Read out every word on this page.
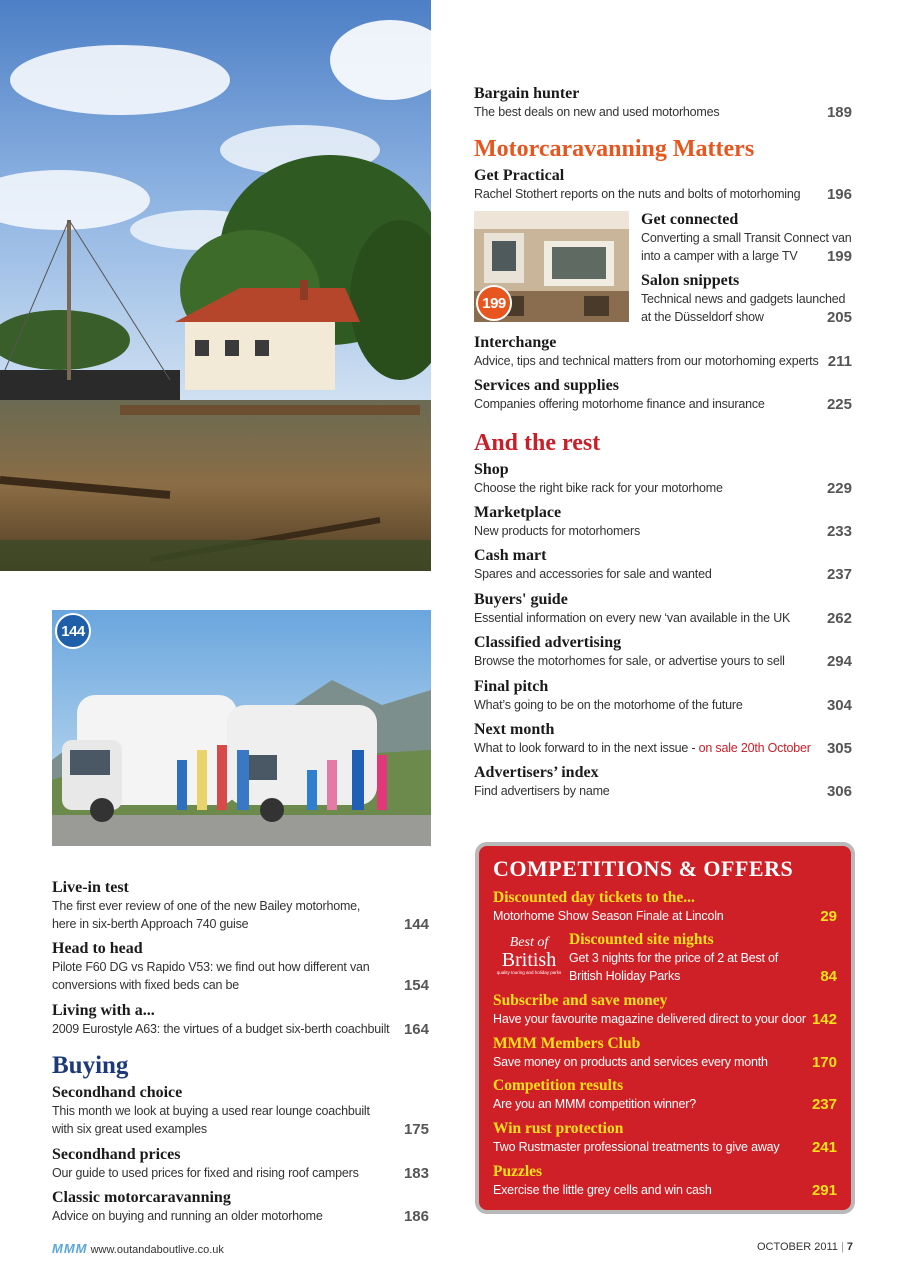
144
199
Bargain hunter
The best deals on new and used motorhomes	189
Motorcaravanning Matters
Get Practical
Rachel Stothert reports on the nuts and bolts of motorhoming 196
Get connected
Converting a small Transit Connect van
into a camper with a large TV 199
Salon snippets
Technical news and gadgets launched
at the Düsseldorf show	205
Interchange
Advice, tips and technical matters from our motorhoming experts 211
Services and supplies
Companies offering motorhome finance and insurance	225
And the rest
Shop
Choose the right bike rack for your motorhome	229
Marketplace
New products for motorhomers	233
Cash mart
Spares and accessories for sale and wanted	237
Buyers' guide
Essential information on every new ‘van available in the UK 262
Classified advertising
Browse the motorhomes for sale, or advertise yours to sell	294
Final pitch
What’s going to be on the motorhome of the future	304
Next month
What to look forward to in the next issue - on sale 20th October 305
Advertisers’ index
Find advertisers by name	306
Live-in test
The first ever review of one of the new Bailey motorhome,
here in six-berth Approach 740 guise	144
Head to head
Pilote F60 DG vs Rapido V53: we find out how different van
conversions with fixed beds can be	154
Living with a...
2009 Eurostyle A63: the virtues of a budget six-berth coachbuilt 164
Buying
Secondhand choice
This month we look at buying a used rear lounge coachbuilt
with six great used examples	175
Secondhand prices
Our guide to used prices for fixed and rising roof campers	183
Classic motorcaravanning
Advice on buying and running an older motorhome	186
COMPETITIONS & OFFERS
Discounted day tickets to the...
Motorhome Show Season Finale at Lincoln	29
Best of
British
quality touring and holiday parks
Discounted site nights
Get 3 nights for the price of 2 at Best of
British Holiday Parks	84
Subscribe and save money
Have your favourite magazine delivered direct to your door 142
MMM Members Club
Save money on products and services every month	170
Competition results
Are you an MMM competition winner?	237
Win rust protection
Two Rustmaster professional treatments to give away 241
Puzzles
Exercise the little grey cells and win cash	291
MMM www.outandaboutlive.co.uk	OCTOBER 2011 | 7
